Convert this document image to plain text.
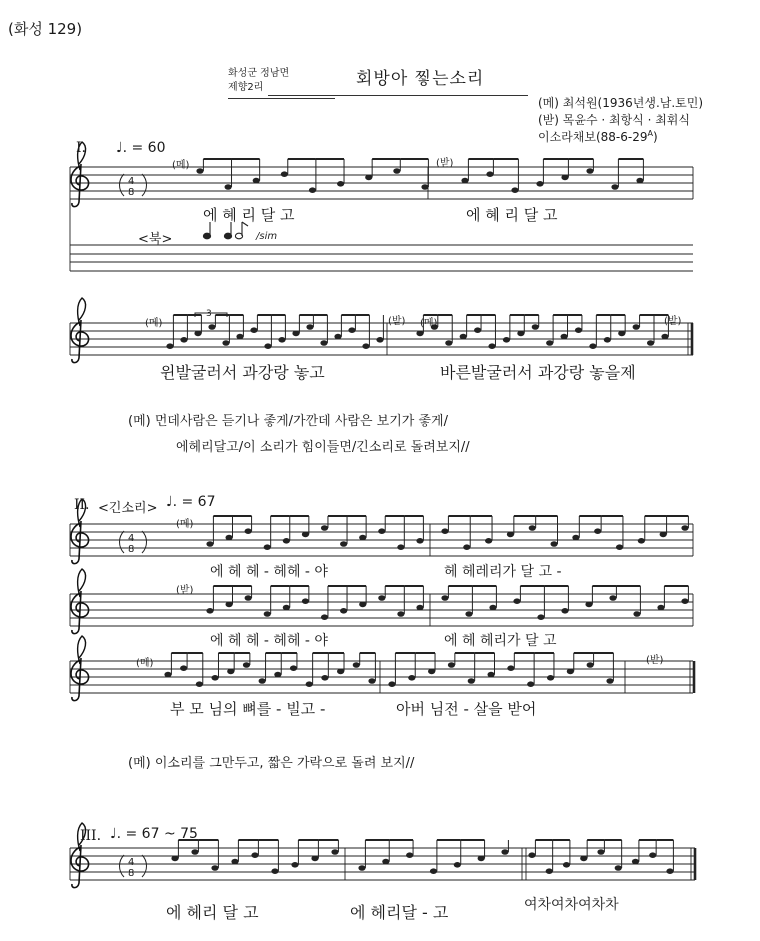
4
8
4
8
4
8
3
/sim
(화성 129)
화성군 정남면
제향2리	회방아 찧는소리
(메) 최석원(1936년생.남.토민)
(받) 목윤수 · 최항식 · 최휘식
이소라채보$(88-6-29^A)$
I. ♩. = 60
(메)	(받)
에 혜 리 달 고	에 혜 리 달 고
<북>
(메)	(받) (메)	(받)
윈발굴러서 과강랑 놓고	바른발굴러서 과강랑 놓을제
(메) 먼데사람은 듣기나 좋게/가깐데 사람은 보기가 좋게/
에헤리달고/이 소리가 힘이들면/긴소리로 돌려보지//
II. <긴소리> ♩. = 67
(메)
에 헤 헤 - 헤헤 - 야	헤 헤레리가 달 고 -
(받)
에 헤 헤 - 헤헤 - 야	에 헤 헤리가 달 고
(메)	(받)
부 모 님의 뼈를 - 빌고 -	아버 님전 - 살을 받어
(메) 이소리를 그만두고, 짧은 가락으로 돌려 보지//
III. ♩. = 67 ~ 75
에 헤리 달 고	에 헤리달 - 고	여차여차여차차
